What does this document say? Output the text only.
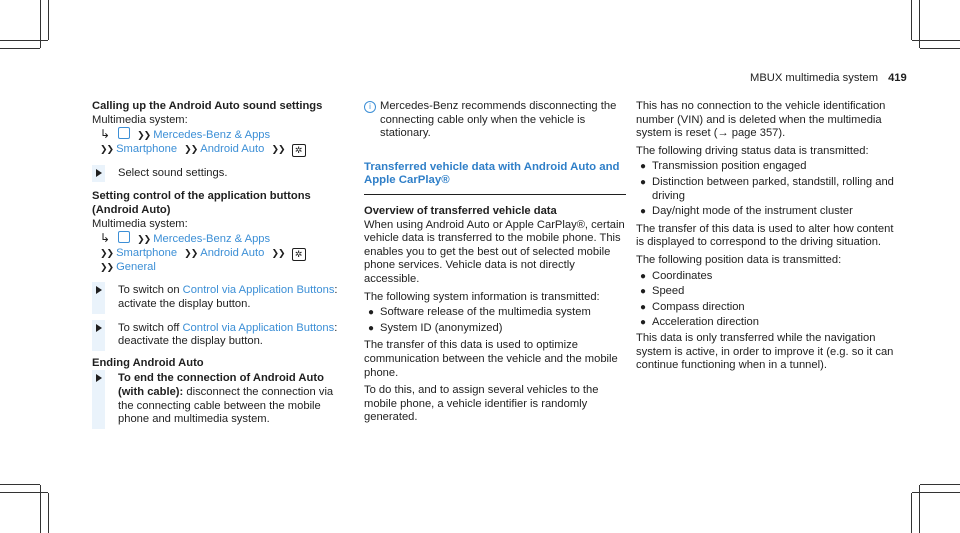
MBUX multimedia system 419

Calling up the Android Auto sound settings

Multimedia system:

↳	❯❯ Mercedes-Benz & Apps

❯❯ Smartphone ❯❯ Android Auto ❯❯ ✲

Select sound settings.

Setting control of the application buttons (Android Auto)

Multimedia system:

↳	❯❯ Mercedes-Benz & Apps

❯❯ Smartphone ❯❯ Android Auto ❯❯ ✲

❯❯ General

To switch on Control via Application Buttons: activate the display button.
To switch off Control via Application Buttons: deactivate the display button.

Ending Android Auto

To end the connection of Android Auto (with cable): disconnect the connection via the connecting cable between the mobile phone and multimedia system.
i Mercedes-Benz recommends disconnecting the connecting cable only when the vehicle is stationary.

Transferred vehicle data with Android Auto and Apple CarPlay®

Overview of transferred vehicle data

When using Android Auto or Apple CarPlay®, certain vehicle data is transferred to the mobile phone. This enables you to get the best out of selected mobile phone services. Vehicle data is not directly accessible.

The following system information is transmitted:

● Software release of the multimedia system
● System ID (anonymized)

The transfer of this data is used to optimize communication between the vehicle and the mobile phone.

To do this, and to assign several vehicles to the mobile phone, a vehicle identifier is randomly generated.

This has no connection to the vehicle identification number (VIN) and is deleted when the multimedia system is reset (→ page 357).

The following driving status data is transmitted:

● Transmission position engaged
● Distinction between parked, standstill, rolling and driving
● Day/night mode of the instrument cluster

The transfer of this data is used to alter how content is displayed to correspond to the driving situation.

The following position data is transmitted:

● Coordinates
● Speed
● Compass direction
● Acceleration direction

This data is only transferred while the navigation system is active, in order to improve it (e.g. so it can continue functioning when in a tunnel).
